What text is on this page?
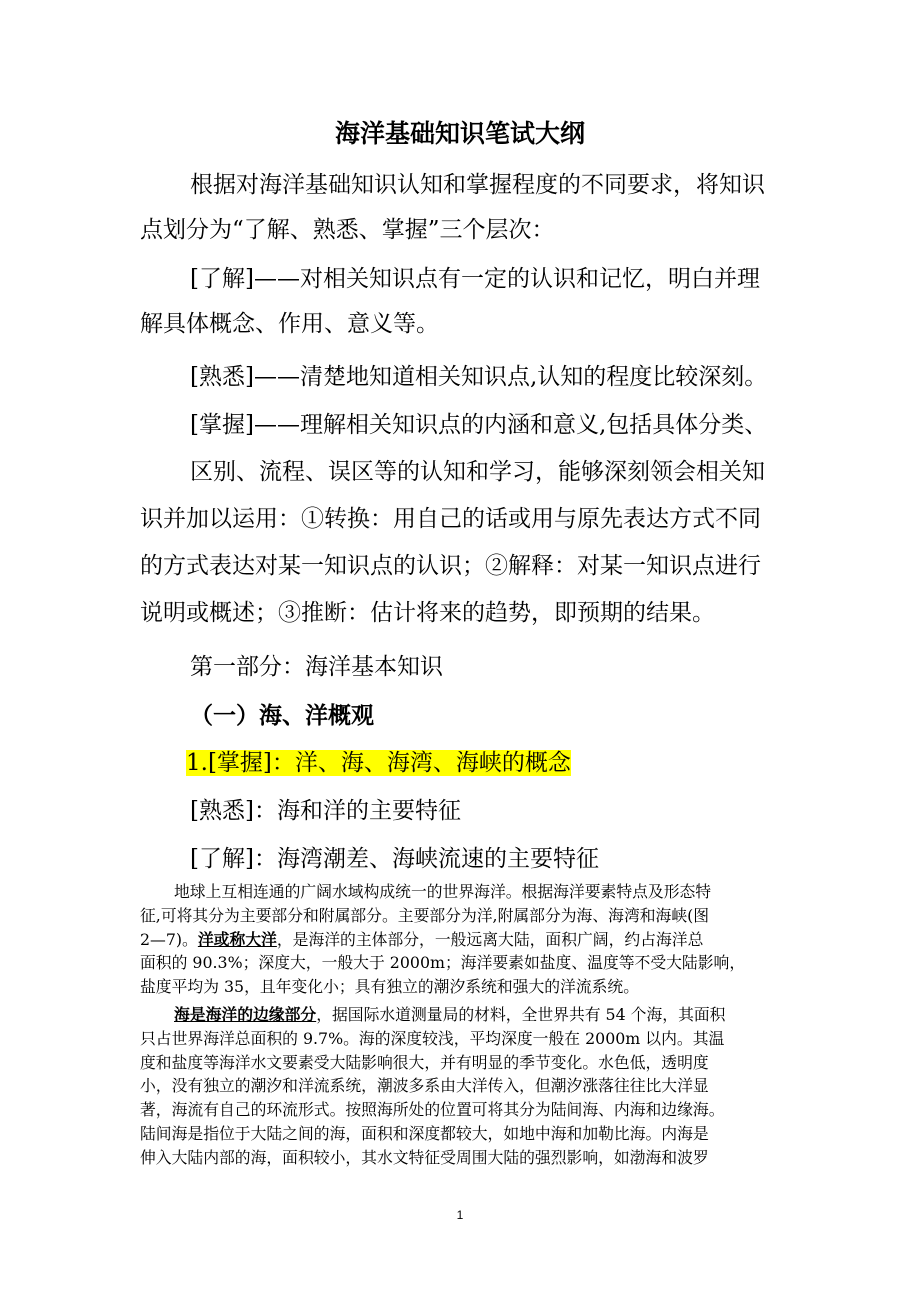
海洋基础知识笔试大纲
根据对海洋基础知识认知和掌握程度的不同要求，将知识
点划分为“了解、熟悉、掌握”三个层次：
[了解]——对相关知识点有一定的认识和记忆，明白并理
解具体概念、作用、意义等。
[熟悉]——清楚地知道相关知识点,认知的程度比较深刻。
[掌握]——理解相关知识点的内涵和意义,包括具体分类、
区别、流程、误区等的认知和学习，能够深刻领会相关知
识并加以运用：①转换：用自己的话或用与原先表达方式不同
的方式表达对某一知识点的认识；②解释：对某一知识点进行
说明或概述；③推断：估计将来的趋势，即预期的结果。
第一部分：海洋基本知识
（一）海、洋概观
1.[掌握]：洋、海、海湾、海峡的概念
[熟悉]：海和洋的主要特征
[了解]：海湾潮差、海峡流速的主要特征
地球上互相连通的广阔水域构成统一的世界海洋。根据海洋要素特点及形态特
征,可将其分为主要部分和附属部分。主要部分为洋,附属部分为海、海湾和海峡(图
2—7)。洋或称大洋，是海洋的主体部分，一般远离大陆，面积广阔，约占海洋总
面积的 90.3%；深度大，一般大于 2000m；海洋要素如盐度、温度等不受大陆影响，
盐度平均为 35，且年变化小；具有独立的潮汐系统和强大的洋流系统。
海是海洋的边缘部分，据国际水道测量局的材料，全世界共有 54 个海，其面积
只占世界海洋总面积的 9.7%。海的深度较浅，平均深度一般在 2000m 以内。其温
度和盐度等海洋水文要素受大陆影响很大，并有明显的季节变化。水色低，透明度
小，没有独立的潮汐和洋流系统，潮波多系由大洋传入，但潮汐涨落往往比大洋显
著，海流有自己的环流形式。按照海所处的位置可将其分为陆间海、内海和边缘海。
陆间海是指位于大陆之间的海，面积和深度都较大，如地中海和加勒比海。内海是
伸入大陆内部的海，面积较小，其水文特征受周围大陆的强烈影响，如渤海和波罗
1
